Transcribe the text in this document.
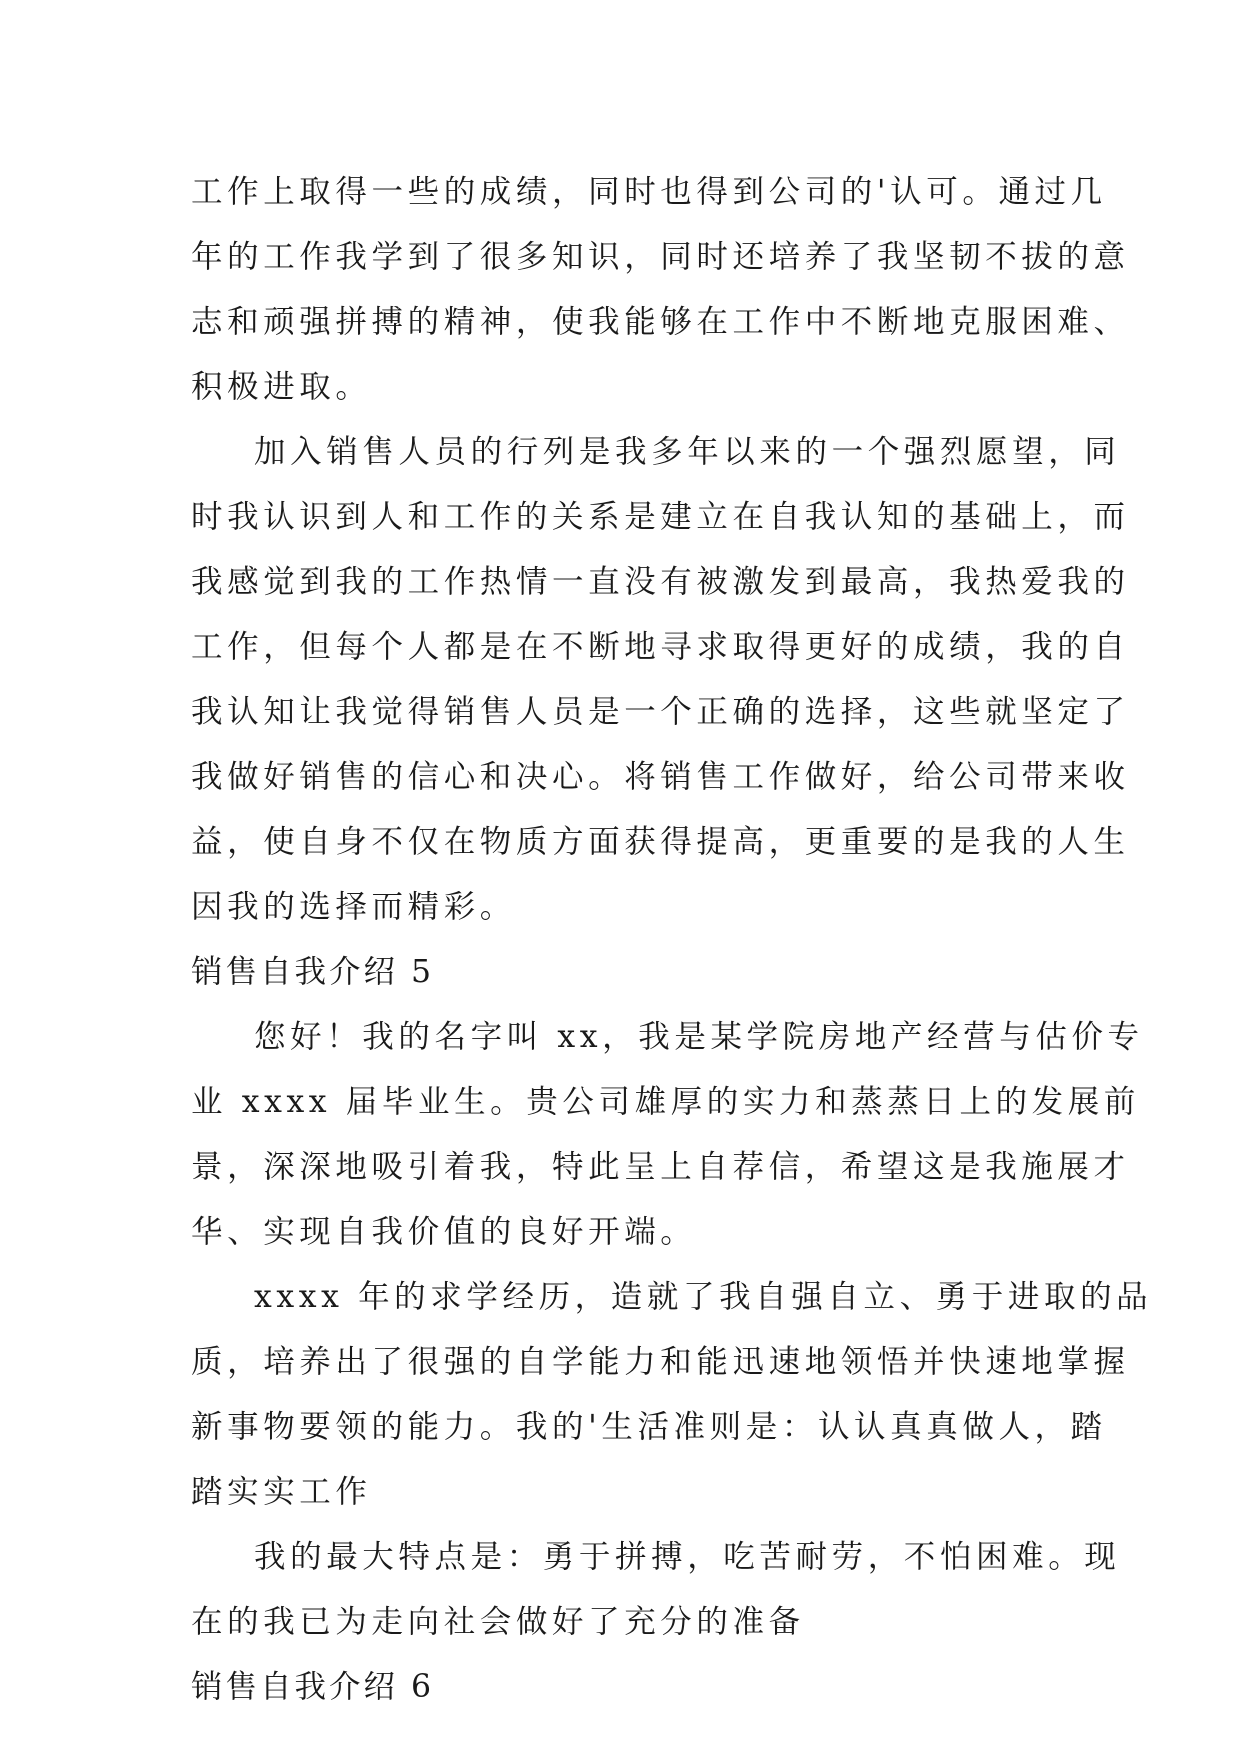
工作上取得一些的成绩，同时也得到公司的'认可。通过几
年的工作我学到了很多知识，同时还培养了我坚韧不拔的意
志和顽强拼搏的精神，使我能够在工作中不断地克服困难、
积极进取。
加入销售人员的行列是我多年以来的一个强烈愿望，同
时我认识到人和工作的关系是建立在自我认知的基础上，而
我感觉到我的工作热情一直没有被激发到最高，我热爱我的
工作，但每个人都是在不断地寻求取得更好的成绩，我的自
我认知让我觉得销售人员是一个正确的选择，这些就坚定了
我做好销售的信心和决心。将销售工作做好，给公司带来收
益，使自身不仅在物质方面获得提高，更重要的是我的人生
因我的选择而精彩。
销售自我介绍 5
您好！我的名字叫 xx，我是某学院房地产经营与估价专
业 xxxx 届毕业生。贵公司雄厚的实力和蒸蒸日上的发展前
景，深深地吸引着我，特此呈上自荐信，希望这是我施展才
华、实现自我价值的良好开端。
xxxx 年的求学经历，造就了我自强自立、勇于进取的品
质，培养出了很强的自学能力和能迅速地领悟并快速地掌握
新事物要领的能力。我的'生活准则是：认认真真做人，踏
踏实实工作
我的最大特点是：勇于拼搏，吃苦耐劳，不怕困难。现
在的我已为走向社会做好了充分的准备
销售自我介绍 6
